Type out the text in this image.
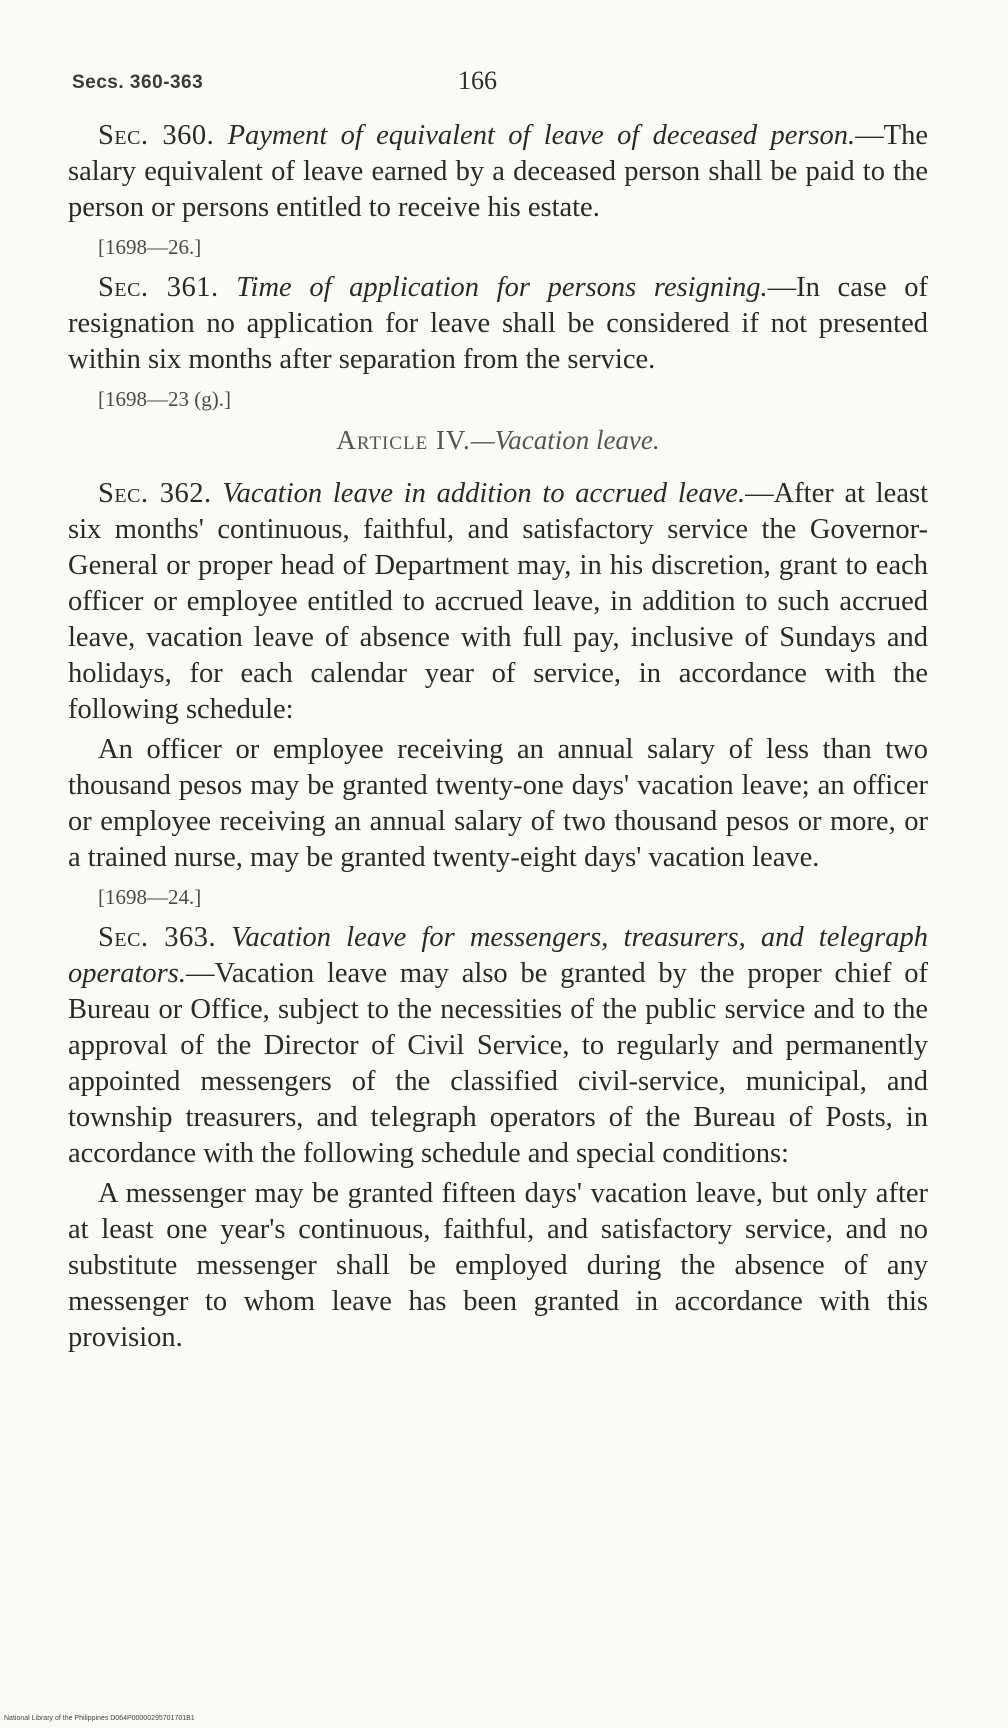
Secs. 360-363	166

Sec. 360. Payment of equivalent of leave of deceased person.—The salary equivalent of leave earned by a deceased person shall be paid to the person or persons entitled to receive his estate.

[1698—26.]

Sec. 361. Time of application for persons resigning.—In case of resignation no application for leave shall be considered if not presented within six months after separation from the service.

[1698—23 (g).]
Article IV.—Vacation leave.

Sec. 362. Vacation leave in addition to accrued leave.—After at least six months' continuous, faithful, and satisfactory service the Governor-General or proper head of Department may, in his discretion, grant to each officer or employee entitled to accrued leave, in addition to such accrued leave, vacation leave of absence with full pay, inclusive of Sundays and holidays, for each calendar year of service, in accordance with the following schedule:

An officer or employee receiving an annual salary of less than two thousand pesos may be granted twenty-one days' vacation leave; an officer or employee receiving an annual salary of two thousand pesos or more, or a trained nurse, may be granted twenty-eight days' vacation leave.

[1698—24.]

Sec. 363. Vacation leave for messengers, treasurers, and telegraph operators.—Vacation leave may also be granted by the proper chief of Bureau or Office, subject to the necessities of the public service and to the approval of the Director of Civil Service, to regularly and permanently appointed messengers of the classified civil-service, municipal, and township treasurers, and telegraph operators of the Bureau of Posts, in accordance with the following schedule and special conditions:

A messenger may be granted fifteen days' vacation leave, but only after at least one year's continuous, faithful, and satisfactory service, and no substitute messenger shall be employed during the absence of any messenger to whom leave has been granted in accordance with this provision.

National Library of the Philippines D064P00000295701701B1
